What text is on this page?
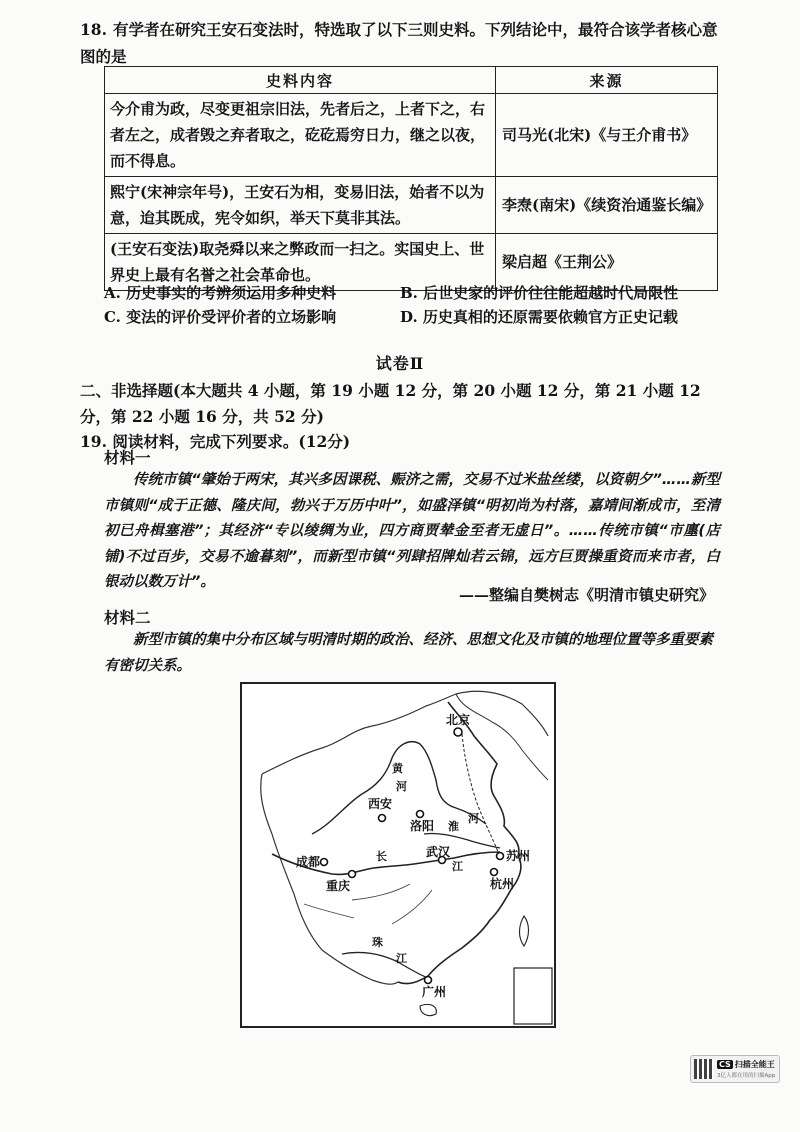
18. 有学者在研究王安石变法时，特选取了以下三则史料。下列结论中，最符合该学者核心意图的是
史料内容	来源
今介甫为政，尽变更祖宗旧法，先者后之，上者下之，右者左之，成者毁之弃者取之，矻矻焉穷日力，继之以夜，而不得息。	司马光(北宋)《与王介甫书》
熙宁(宋神宗年号)，王安石为相，变易旧法，始者不以为意，迨其既成，宪令如织，举天下莫非其法。	李焘(南宋)《续资治通鉴长编》
(王安石变法)取尧舜以来之弊政而一扫之。实国史上、世界史上最有名誉之社会革命也。	梁启超《王荆公》
A. 历史事实的考辨须运用多种史料	B. 后世史家的评价往往能超越时代局限性
C. 变法的评价受评价者的立场影响	D. 历史真相的还原需要依赖官方正史记载
试卷Ⅱ
二、非选择题(本大题共 4 小题，第 19 小题 12 分，第 20 小题 12 分，第 21 小题 12 分，第 22 小题 16 分，共 52 分)
19. 阅读材料，完成下列要求。(12分)
材料一
传统市镇“肇始于两宋，其兴多因课税、赈济之需，交易不过米盐丝缕，以资朝夕”……新型市镇则“成于正德、隆庆间，勃兴于万历中叶”，如盛泽镇“明初尚为村落，嘉靖间渐成市，至清初已舟楫塞港”；其经济“专以绫绸为业，四方商贾辇金至者无虚日”。……传统市镇“市廛(店铺)不过百步，交易不逾暮刻”，而新型市镇“列肆招牌灿若云锦，远方巨贾操重资而来市者，白银动以数万计”。
——整编自樊树志《明清市镇史研究》
材料二
新型市镇的集中分布区域与明清时期的政治、经济、思想文化及市镇的地理位置等多重要素有密切关系。
北京
西安
洛阳
成都
重庆
武汉	苏州
杭州
广州
黄
河
淮
河
长
江
珠
江
CS 扫描全能王
3亿人都在用的扫描App
